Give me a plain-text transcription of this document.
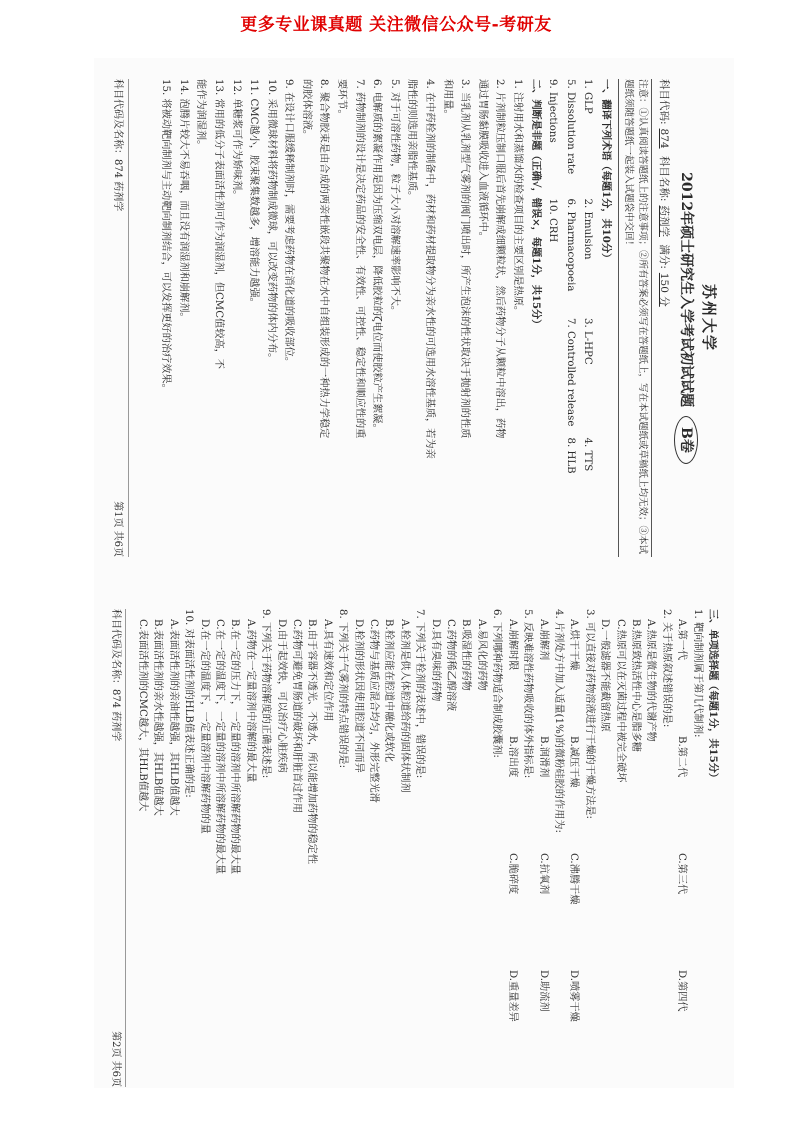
更多专业课真题 关注微信公众号-考研友
苏州大学
2012年硕士研究生入学考试初试试题 B卷
科目代码:874 科目名称:药剂学 满分:150 分

注意：①认真阅读答题纸上的注意事项；②所有答案必须写在答题纸上，写在本试题纸或草稿纸上均无效；③本试题纸须随答题纸一起装入试题袋中交回！

一、翻译下列术语（每题1分，共10分）
1. GLP
2. Emulsion
3. L-HPC
4. TTS
5. Dissolution rate
6. Pharmacopoeia
7. Controlled release
8. HLB
9. Injections
10. CRH
二、判断是非题（正确√，错误×，每题1分，共15分）
1. 注射用水和蒸馏水的检查项目的主要区别是热原。
2. 片剂制粒压制口服后首先崩解成细颗粒状，然后药物分子从颗粒中溶出，药物
通过胃肠黏膜吸收进入血液循环中。
3. 当乳剂从乳剂型气雾剂的阀门喷出时，所产生泡沫的性状取决于抛射剂的性质
和用量。
4. 在中药栓剂的制备中，药材和药材提取物分为亲水性的可选用水溶性基质，若为亲
脂性的则选用亲脂性基质。
5. 对于可溶性药物，粒子大小对溶解速率影响不大。
6. 电解质的絮凝作用是因为压缩双电层，降低胶粒的ζ电位而使胶粒产生絮凝。
7. 药物制剂的设计是决定药品的安全性、有效性、可控性、稳定性和顺应性的重
要环节。
8. 聚合物胶束是由合成的两亲性嵌段共聚物在水中自组装形成的一种热力学稳定
的胶体溶液。
9. 在设计口服缓释制剂时，需要考虑药物在消化道的吸收部位。
10. 采用微球材料将药物制成微球，可以改变药物的体内分布。
11. CMC越小，胶束聚集数越多，增溶能力越强。
12. 单糖浆可作为矫味剂。
13. 常用的低分子表面活性剂可作为润湿剂，但CMC值较高，不
能作为润湿剂。
14. 泡腾片较大不易吞咽，而且没有润湿剂和崩解剂。
15. 将被动靶向制剂与主动靶向制剂结合，可以发挥更好的治疗效果。
科目代码及名称：874 药剂学
第1页 共6页
三、单项选择题（每题1分，共15分）
1. 靶向制剂属于第几代制剂:
A.第一代
B.第二代
C.第三代
D.第四代
2. 关于热原叙述错误的是:
A.热原是微生物的代谢产物
B.热原致热活性中心是脂多糖
C.热原可以在灭菌过程中被完全破坏
D.一般滤器不能截留热原
3. 可以直接对药物溶液进行干燥的干燥方法是:
A.烘干干燥
B.减压干燥
C.沸腾干燥
D.喷雾干燥
4. 片剂处方中加入适量(1%)的微粉硅胶的作用为:
A.崩解剂
B.润滑剂
C.抗氧剂
D.助流剂
5. 反映难溶性药物吸收的体外指标是:
A.崩解时限
B.溶出度
C.脆碎度
D.重量差异
6. 下列哪种药物适合制成胶囊剂:
A.易风化的药物
B.吸湿性的药物
C.药物的稀乙醇溶液
D.具有臭味的药物
7. 下列关于栓剂的表述中，错误的是:
A.栓剂是供人体腔道给药的固体状制剂
B.栓剂应能在腔道中融化或软化
C.药物与基质应混合均匀，外形完整光滑
D.栓剂的形状因使用腔道不同而异
8. 下列关于气雾剂的特点错误的是:
A.具有速效和定位作用
B.由于容器不透光、不透水，所以能增加药物的稳定性
C.药物可避免胃肠道的破坏和肝脏首过作用
D.由于起效快，可以治疗心脏疾病
9. 下列关于药物溶解度的正确表述是:
A.药物在一定量溶剂中溶解的最大量
B.在一定的压力下，一定量的溶剂中所溶解药物的最大量
C.在一定的温度下，一定量的溶剂中所溶解药物的最大量
D.在一定的温度下，一定量溶剂中溶解药物的量
10. 对表面活性剂的HLB值表述正确的是:
A.表面活性剂的亲油性越强，其HLB值越大
B.表面活性剂的亲水性越强，其HLB值越大
C.表面活性剂的CMC越大，其HLB值越大
科目代码及名称：874 药剂学
第2页 共6页
